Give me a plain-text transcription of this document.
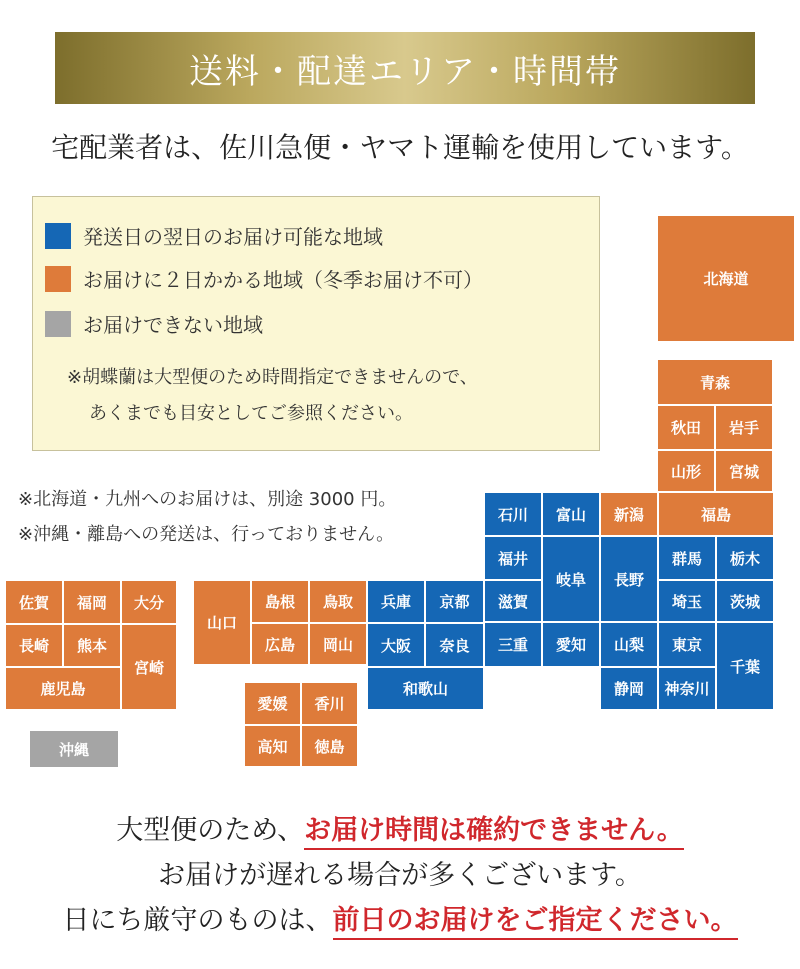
送料・配達エリア・時間帯
宅配業者は、佐川急便・ヤマト運輸を使用しています。
発送日の翌日のお届け可能な地域
お届けに２日かかる地域（冬季お届け不可）
お届けできない地域
※胡蝶蘭は大型便のため時間指定できませんので、
あくまでも目安としてご参照ください。
※北海道・九州へのお届けは、別途 3000 円。
※沖縄・離島への発送は、行っておりません。
北海道
青森
秋田	岩手
山形	宮城
石川	富山	新潟	福島
福井
岐阜	長野
群馬	栃木
滋賀	埼玉	茨城
山口
島根	鳥取	兵庫	京都
広島	岡山	大阪	奈良	三重	愛知	山梨	東京
千葉
和歌山	静岡	神奈川
佐賀	福岡	大分
長崎	熊本
宮崎
鹿児島
愛媛	香川
高知	徳島
沖縄
大型便のため、お届け時間は確約できません。
お届けが遅れる場合が多くございます。
日にち厳守のものは、前日のお届けをご指定ください。
